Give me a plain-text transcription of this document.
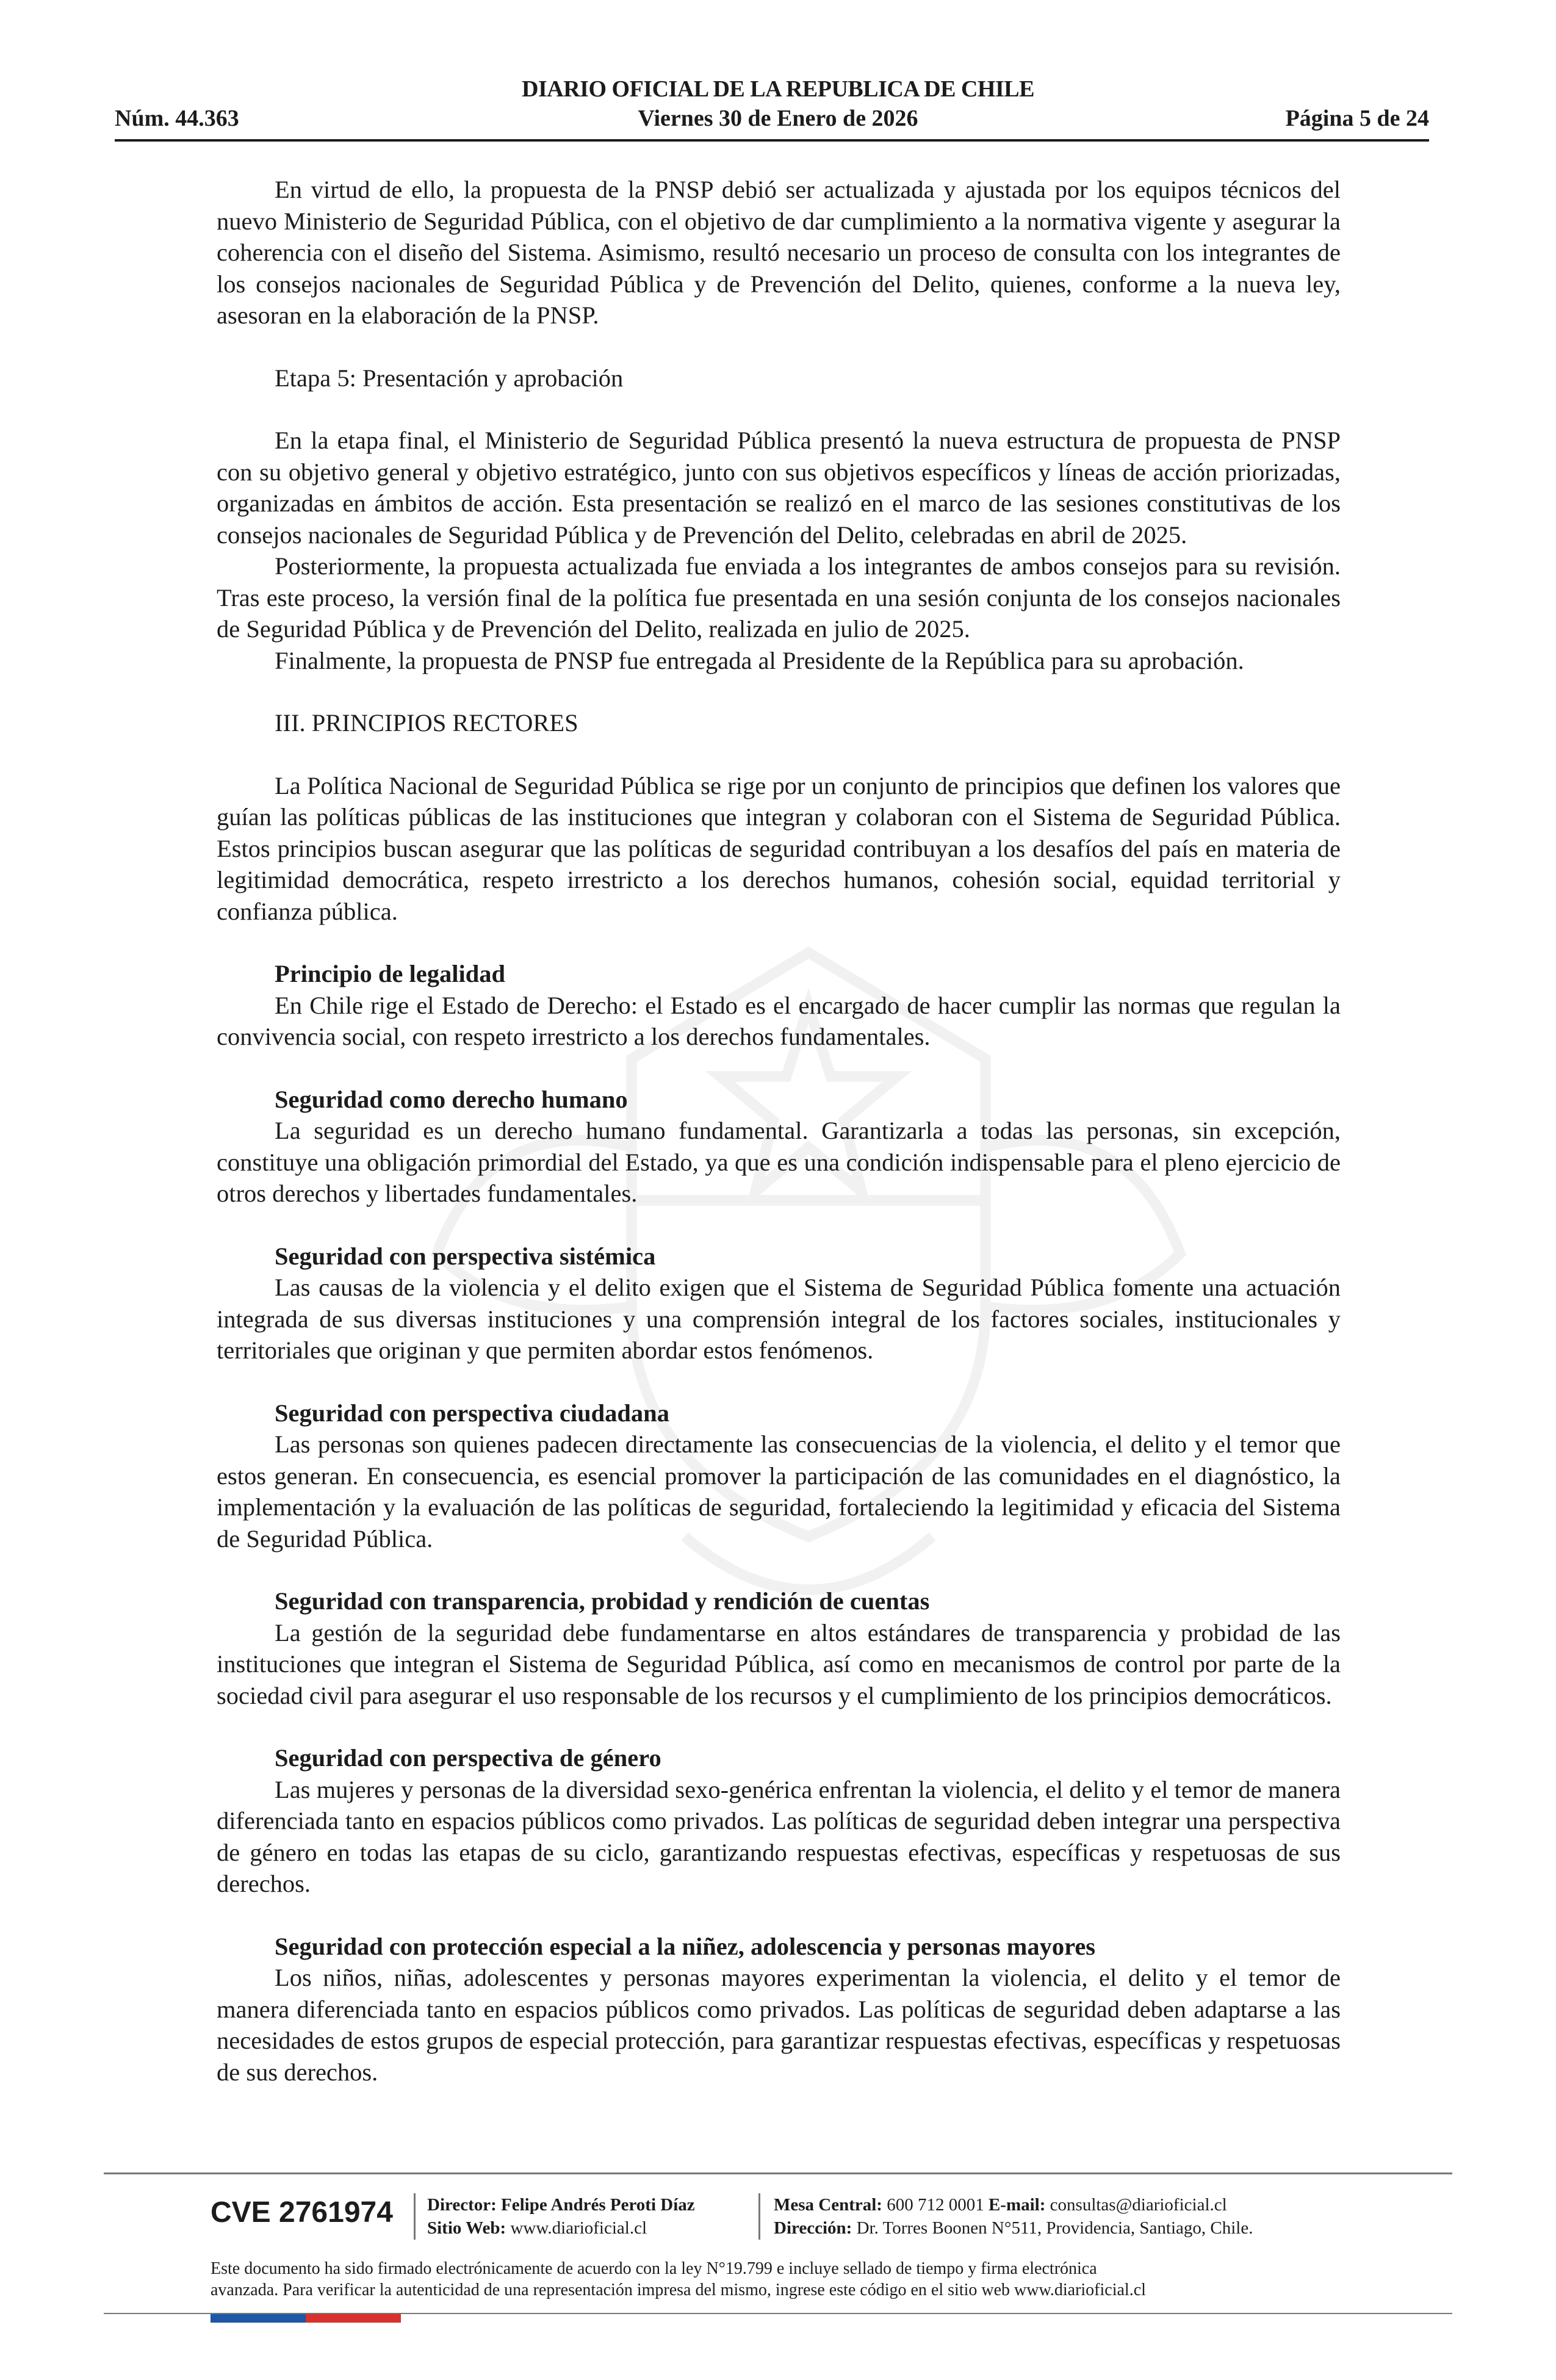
DIARIO OFICIAL DE LA REPUBLICA DE CHILE
Núm. 44.363	Viernes 30 de Enero de 2026	Página 5 de 24

En virtud de ello, la propuesta de la PNSP debió ser actualizada y ajustada por los equipos técnicos del nuevo Ministerio de Seguridad Pública, con el objetivo de dar cumplimiento a la normativa vigente y asegurar la coherencia con el diseño del Sistema. Asimismo, resultó necesario un proceso de consulta con los integrantes de los consejos nacionales de Seguridad Pública y de Prevención del Delito, quienes, conforme a la nueva ley, asesoran en la elaboración de la PNSP.

Etapa 5: Presentación y aprobación

En la etapa final, el Ministerio de Seguridad Pública presentó la nueva estructura de propuesta de PNSP con su objetivo general y objetivo estratégico, junto con sus objetivos específicos y líneas de acción priorizadas, organizadas en ámbitos de acción. Esta presentación se realizó en el marco de las sesiones constitutivas de los consejos nacionales de Seguridad Pública y de Prevención del Delito, celebradas en abril de 2025.

Posteriormente, la propuesta actualizada fue enviada a los integrantes de ambos consejos para su revisión. Tras este proceso, la versión final de la política fue presentada en una sesión conjunta de los consejos nacionales de Seguridad Pública y de Prevención del Delito, realizada en julio de 2025.

Finalmente, la propuesta de PNSP fue entregada al Presidente de la República para su aprobación.

III. PRINCIPIOS RECTORES

La Política Nacional de Seguridad Pública se rige por un conjunto de principios que definen los valores que guían las políticas públicas de las instituciones que integran y colaboran con el Sistema de Seguridad Pública. Estos principios buscan asegurar que las políticas de seguridad contribuyan a los desafíos del país en materia de legitimidad democrática, respeto irrestricto a los derechos humanos, cohesión social, equidad territorial y confianza pública.

Principio de legalidad

En Chile rige el Estado de Derecho: el Estado es el encargado de hacer cumplir las normas que regulan la convivencia social, con respeto irrestricto a los derechos fundamentales.

Seguridad como derecho humano

La seguridad es un derecho humano fundamental. Garantizarla a todas las personas, sin excepción, constituye una obligación primordial del Estado, ya que es una condición indispensable para el pleno ejercicio de otros derechos y libertades fundamentales.

Seguridad con perspectiva sistémica

Las causas de la violencia y el delito exigen que el Sistema de Seguridad Pública fomente una actuación integrada de sus diversas instituciones y una comprensión integral de los factores sociales, institucionales y territoriales que originan y que permiten abordar estos fenómenos.

Seguridad con perspectiva ciudadana

Las personas son quienes padecen directamente las consecuencias de la violencia, el delito y el temor que estos generan. En consecuencia, es esencial promover la participación de las comunidades en el diagnóstico, la implementación y la evaluación de las políticas de seguridad, fortaleciendo la legitimidad y eficacia del Sistema de Seguridad Pública.

Seguridad con transparencia, probidad y rendición de cuentas

La gestión de la seguridad debe fundamentarse en altos estándares de transparencia y probidad de las instituciones que integran el Sistema de Seguridad Pública, así como en mecanismos de control por parte de la sociedad civil para asegurar el uso responsable de los recursos y el cumplimiento de los principios democráticos.

Seguridad con perspectiva de género

Las mujeres y personas de la diversidad sexo-genérica enfrentan la violencia, el delito y el temor de manera diferenciada tanto en espacios públicos como privados. Las políticas de seguridad deben integrar una perspectiva de género en todas las etapas de su ciclo, garantizando respuestas efectivas, específicas y respetuosas de sus derechos.

Seguridad con protección especial a la niñez, adolescencia y personas mayores

Los niños, niñas, adolescentes y personas mayores experimentan la violencia, el delito y el temor de manera diferenciada tanto en espacios públicos como privados. Las políticas de seguridad deben adaptarse a las necesidades de estos grupos de especial protección, para garantizar respuestas efectivas, específicas y respetuosas de sus derechos.

CVE 2761974 Director: Felipe Andrés Peroti Díaz
Sitio Web: www.diarioficial.cl
Mesa Central: 600 712 0001 E-mail: consultas@diarioficial.cl
Dirección: Dr. Torres Boonen N°511, Providencia, Santiago, Chile.
Este documento ha sido firmado electrónicamente de acuerdo con la ley N°19.799 e incluye sellado de tiempo y firma electrónica
avanzada. Para verificar la autenticidad de una representación impresa del mismo, ingrese este código en el sitio web www.diarioficial.cl
